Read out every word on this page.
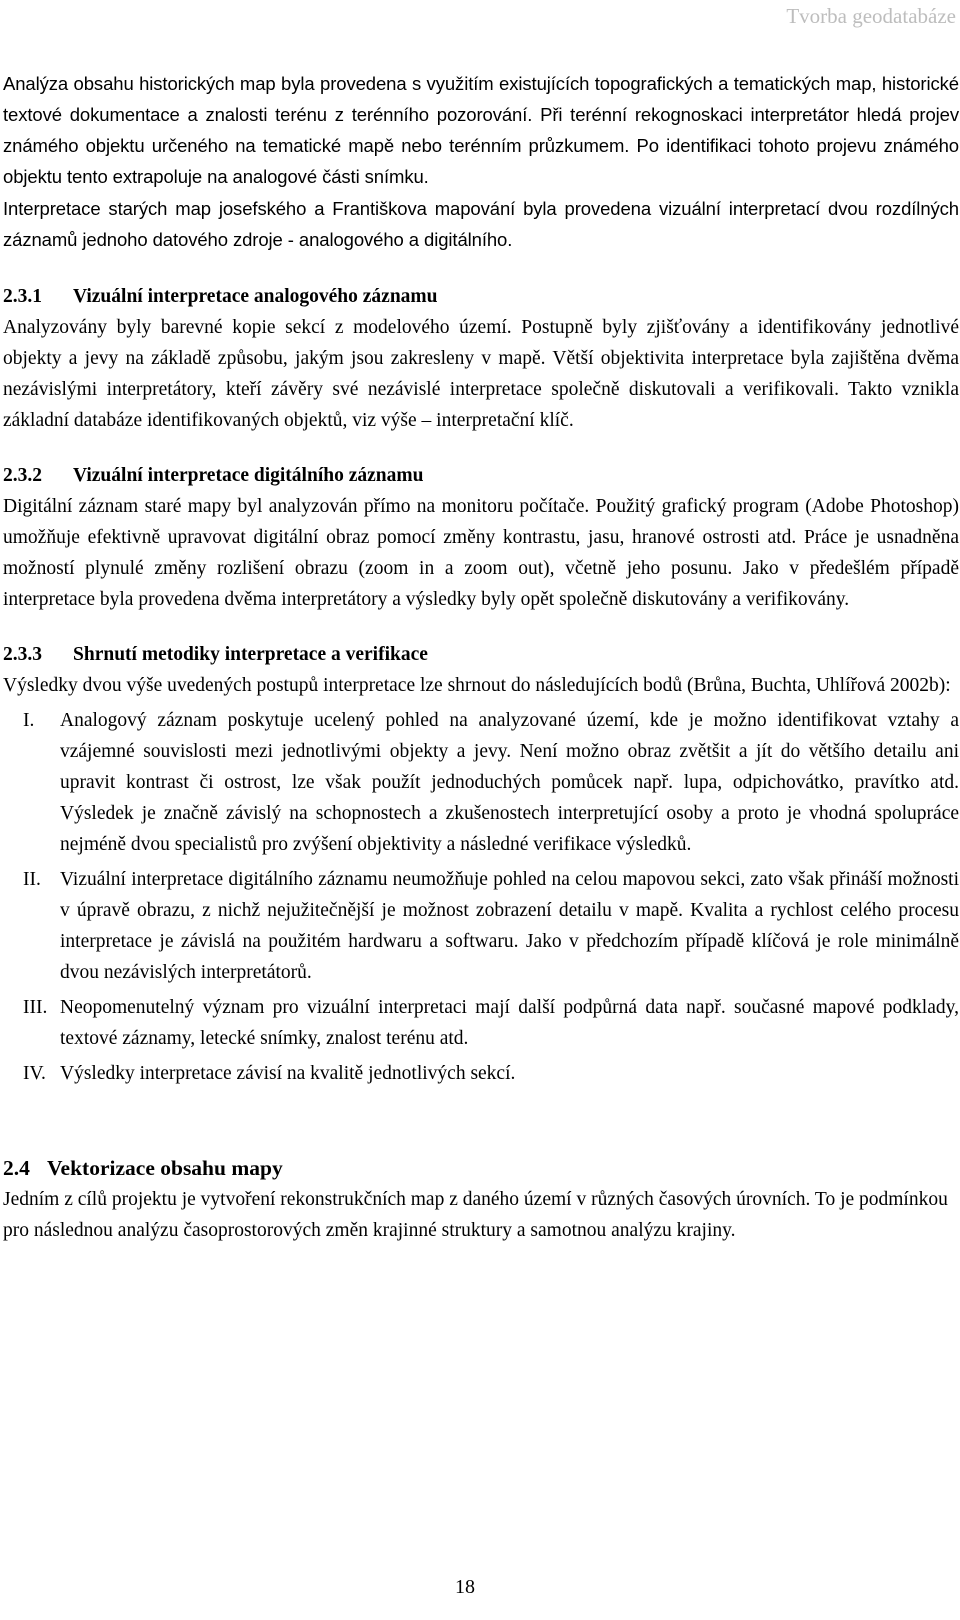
Tvorba geodatabáze

Analýza obsahu historických map byla provedena s využitím existujících topografických a tematických map, historické textové dokumentace a znalosti terénu z terénního pozorování. Při terénní rekognoskaci interpretátor hledá projev známého objektu určeného na tematické mapě nebo terénním průzkumem. Po identifikaci tohoto projevu známého objektu tento extrapoluje na analogové části snímku.

Interpretace starých map josefského a Františkova mapování byla provedena vizuální interpretací dvou rozdílných záznamů jednoho datového zdroje - analogového a digitálního.

2.3.1 Vizuální interpretace analogového záznamu

Analyzovány byly barevné kopie sekcí z modelového území. Postupně byly zjišťovány a identifikovány jednotlivé objekty a jevy na základě způsobu, jakým jsou zakresleny v mapě. Větší objektivita interpretace byla zajištěna dvěma nezávislými interpretátory, kteří závěry své nezávislé interpretace společně diskutovali a verifikovali. Takto vznikla základní databáze identifikovaných objektů, viz výše – interpretační klíč.

2.3.2 Vizuální interpretace digitálního záznamu

Digitální záznam staré mapy byl analyzován přímo na monitoru počítače. Použitý grafický program (Adobe Photoshop) umožňuje efektivně upravovat digitální obraz pomocí změny kontrastu, jasu, hranové ostrosti atd. Práce je usnadněna možností plynulé změny rozlišení obrazu (zoom in a zoom out), včetně jeho posunu. Jako v předešlém případě interpretace byla provedena dvěma interpretátory a výsledky byly opět společně diskutovány a verifikovány.

2.3.3 Shrnutí metodiky interpretace a verifikace

Výsledky dvou výše uvedených postupů interpretace lze shrnout do následujících bodů (Brůna, Buchta, Uhlířová 2002b):

I. Analogový záznam poskytuje ucelený pohled na analyzované území, kde je možno identifikovat vztahy a vzájemné souvislosti mezi jednotlivými objekty a jevy. Není možno obraz zvětšit a jít do většího detailu ani upravit kontrast či ostrost, lze však použít jednoduchých pomůcek např. lupa, odpichovátko, pravítko atd. Výsledek je značně závislý na schopnostech a zkušenostech interpretující osoby a proto je vhodná spolupráce nejméně dvou specialistů pro zvýšení objektivity a následné verifikace výsledků.
II. Vizuální interpretace digitálního záznamu neumožňuje pohled na celou mapovou sekci, zato však přináší možnosti v úpravě obrazu, z nichž nejužitečnější je možnost zobrazení detailu v mapě. Kvalita a rychlost celého procesu interpretace je závislá na použitém hardwaru a softwaru. Jako v předchozím případě klíčová je role minimálně dvou nezávislých interpretátorů.
III. Neopomenutelný význam pro vizuální interpretaci mají další podpůrná data např. současné mapové podklady, textové záznamy, letecké snímky, znalost terénu atd.
IV. Výsledky interpretace závisí na kvalitě jednotlivých sekcí.
2.4 Vektorizace obsahu mapy

Jedním z cílů projektu je vytvoření rekonstrukčních map z daného území v různých časových úrovních. To je podmínkou pro následnou analýzu časoprostorových změn krajinné struktury a samotnou analýzu krajiny.

18
